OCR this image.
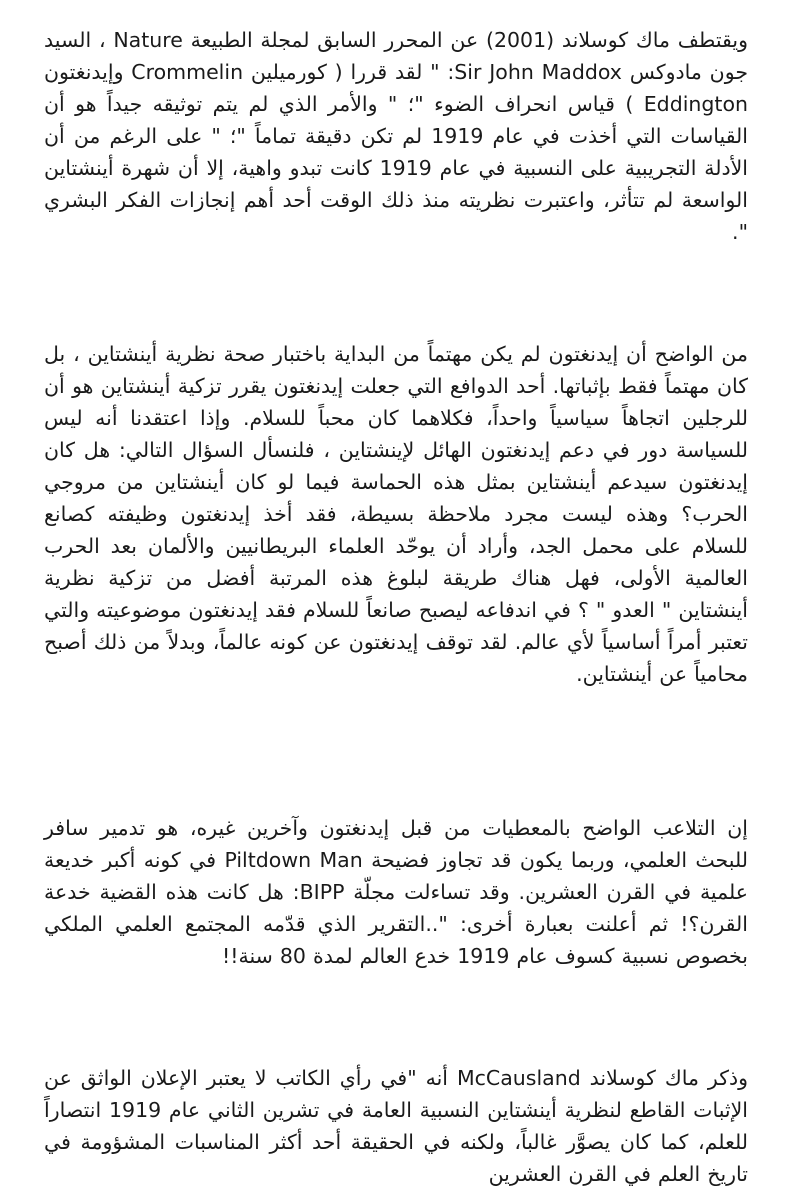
ويقتطف ماك كوسلاند (2001) عن المحرر السابق لمجلة الطبيعة Nature ، السيد جون مادوكس Sir John Maddox: " لقد قررا ( كورميلين Crommelin وإيدنغتون Eddington ) قياس انحراف الضوء "؛ " والأمر الذي لم يتم توثيقه جيداً هو أن القياسات التي أخذت في عام 1919 لم تكن دقيقة تماماً "؛ " على الرغم من أن الأدلة التجريبية على النسبية في عام 1919 كانت تبدو واهية، إلا أن شهرة أينشتاين الواسعة لم تتأثر، واعتبرت نظريته منذ ذلك الوقت أحد أهم إنجازات الفكر البشري ".

من الواضح أن إيدنغتون لم يكن مهتماً من البداية باختبار صحة نظرية أينشتاين ، بل كان مهتماً فقط بإثباتها. أحد الدوافع التي جعلت إيدنغتون يقرر تزكية أينشتاين هو أن للرجلين اتجاهاً سياسياً واحداً، فكلاهما كان محباً للسلام. وإذا اعتقدنا أنه ليس للسياسة دور في دعم إيدنغتون الهائل لإينشتاين ، فلنسأل السؤال التالي: هل كان إيدنغتون سيدعم أينشتاين بمثل هذه الحماسة فيما لو كان أينشتاين من مروجي الحرب؟ وهذه ليست مجرد ملاحظة بسيطة، فقد أخذ إيدنغتون وظيفته كصانع للسلام على محمل الجد، وأراد أن يوحّد العلماء البريطانيين والألمان بعد الحرب العالمية الأولى، فهل هناك طريقة لبلوغ هذه المرتبة أفضل من تزكية نظرية أينشتاين " العدو " ؟ في اندفاعه ليصبح صانعاً للسلام فقد إيدنغتون موضوعيته والتي تعتبر أمراً أساسياً لأي عالم. لقد توقف إيدنغتون عن كونه عالماً، وبدلاً من ذلك أصبح محامياً عن أينشتاين.

إن التلاعب الواضح بالمعطيات من قبل إيدنغتون وآخرين غيره، هو تدمير سافر للبحث العلمي، وربما يكون قد تجاوز فضيحة Piltdown Man في كونه أكبر خديعة علمية في القرن العشرين. وقد تساءلت مجلّة BIPP: هل كانت هذه القضية خدعة القرن؟! ثم أعلنت بعبارة أخرى: "..التقرير الذي قدّمه المجتمع العلمي الملكي بخصوص نسبية كسوف عام 1919 خدع العالم لمدة 80 سنة!!

وذكر ماك كوسلاند McCausland أنه "في رأي الكاتب لا يعتبر الإعلان الواثق عن الإثبات القاطع لنظرية أينشتاين النسبية العامة في تشرين الثاني عام 1919 انتصاراً للعلم، كما كان يصوَّر غالباً، ولكنه في الحقيقة أحد أكثر المناسبات المشؤومة في تاريخ العلم في القرن العشرين
